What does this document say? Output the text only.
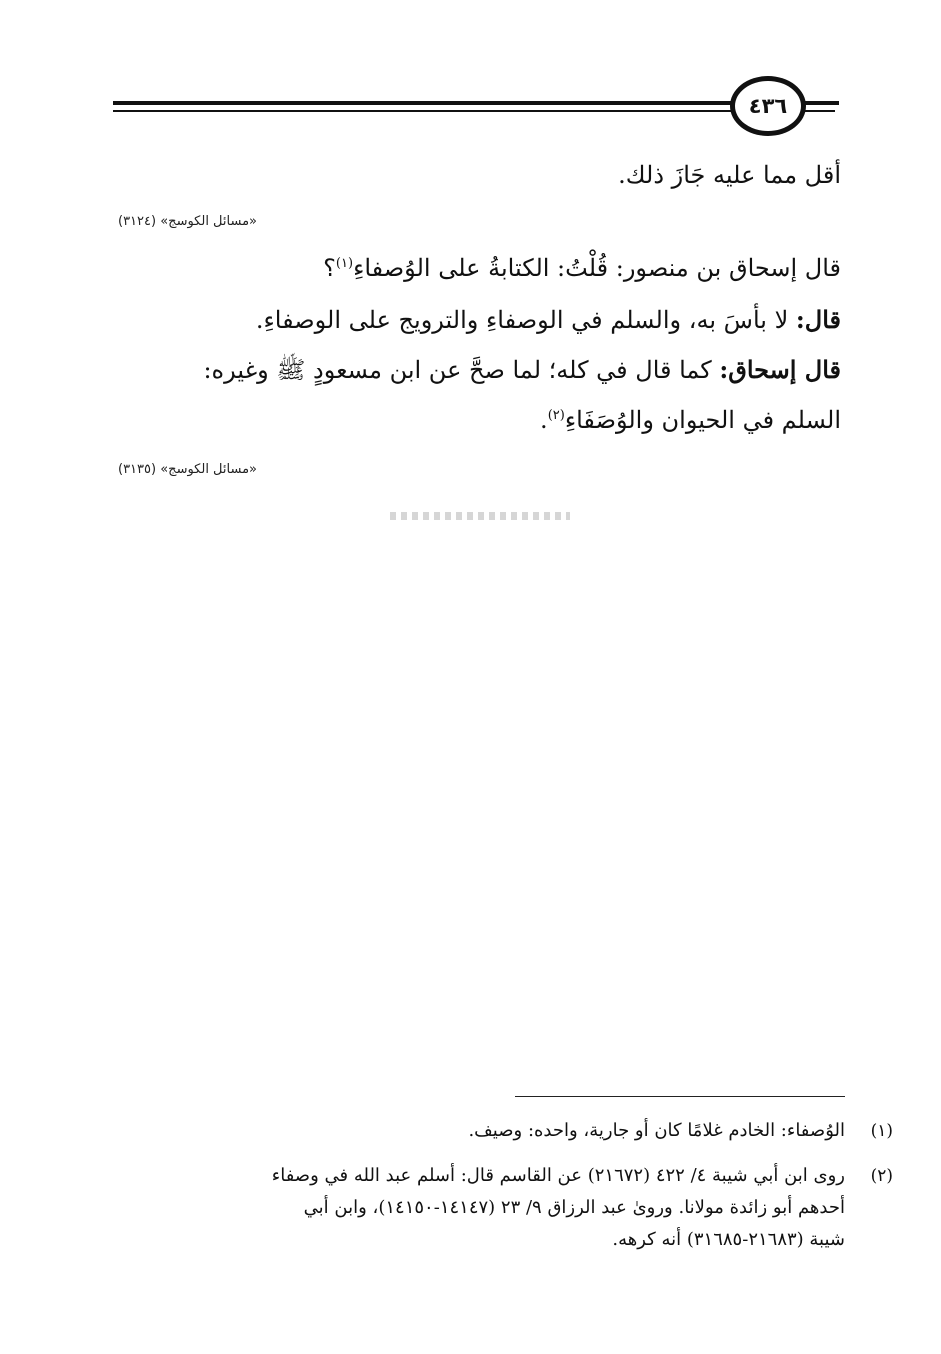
٤٣٦
أقل مما عليه جَازَ ذلك.
«مسائل الكوسج» (٣١٢٤)
قال إسحاق بن منصور: قُلْتُ: الكتابةُ على الوُصفاءِ$^{(١)}$؟
قال: لا بأسَ به، والسلم في الوصفاءِ والترويج على الوصفاءِ.
قال إسحاق: كما قال في كله؛ لما صحَّ عن ابن مسعودٍ ﷺ وغيره:
السلم في الحيوان والوُصَفَاءِ$^{(٢)}$.
«مسائل الكوسج» (٣١٣٥)
(١)
الوُصفاء: الخادم غلامًا كان أو جارية، واحده: وصيف.
(٢)
روى ابن أبي شيبة ٤/ ٤٢٢ (٢١٦٧٢) عن القاسم قال: أسلم عبد الله في وصفاء
أحدهم أبو زائدة مولانا. وروىٰ عبد الرزاق ٩/ ٢٣ (١٤١٤٧-١٤١٥٠)، وابن أبي
شيبة (٢١٦٨٣-٣١٦٨٥) أنه كرهه.
